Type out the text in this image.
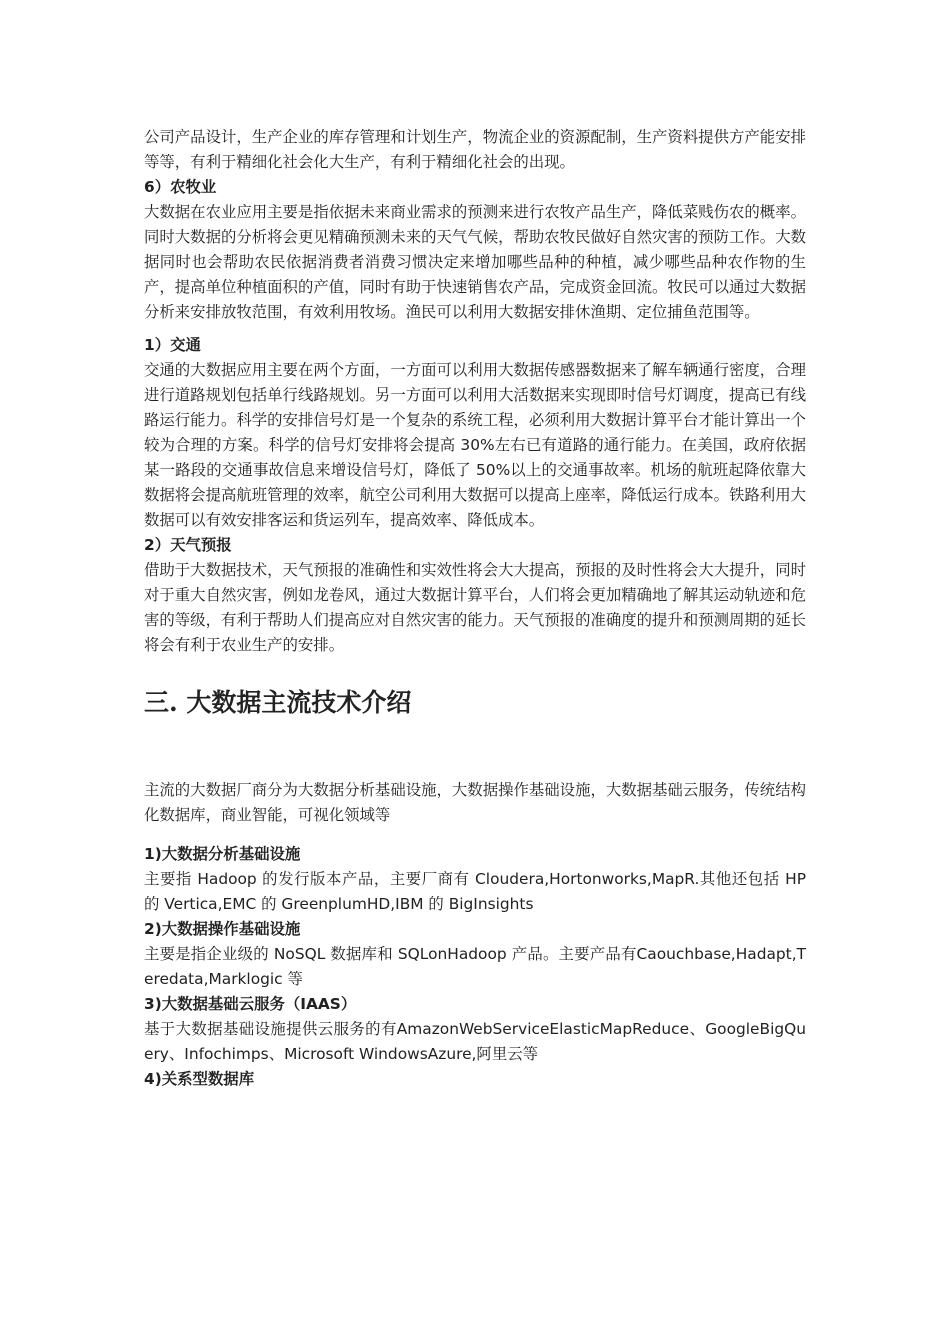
公司产品设计，生产企业的库存管理和计划生产，物流企业的资源配制，生产资料提供方产能安排等等，有利于精细化社会化大生产，有利于精细化社会的出现。

6）农牧业

大数据在农业应用主要是指依据未来商业需求的预测来进行农牧产品生产，降低菜贱伤农的概率。同时大数据的分析将会更见精确预测未来的天气气候，帮助农牧民做好自然灾害的预防工作。大数据同时也会帮助农民依据消费者消费习惯决定来增加哪些品种的种植，减少哪些品种农作物的生产，提高单位种植面积的产值，同时有助于快速销售农产品，完成资金回流。牧民可以通过大数据分析来安排放牧范围，有效利用牧场。渔民可以利用大数据安排休渔期、定位捕鱼范围等。

1）交通

交通的大数据应用主要在两个方面，一方面可以利用大数据传感器数据来了解车辆通行密度，合理进行道路规划包括单行线路规划。另一方面可以利用大活数据来实现即时信号灯调度，提高已有线路运行能力。科学的安排信号灯是一个复杂的系统工程，必须利用大数据计算平台才能计算出一个较为合理的方案。科学的信号灯安排将会提高 30%左右已有道路的通行能力。在美国，政府依据某一路段的交通事故信息来增设信号灯，降低了 50%以上的交通事故率。机场的航班起降依靠大数据将会提高航班管理的效率，航空公司利用大数据可以提高上座率，降低运行成本。铁路利用大数据可以有效安排客运和货运列车，提高效率、降低成本。

2）天气预报

借助于大数据技术，天气预报的准确性和实效性将会大大提高，预报的及时性将会大大提升，同时对于重大自然灾害，例如龙卷风，通过大数据计算平台，人们将会更加精确地了解其运动轨迹和危害的等级，有利于帮助人们提高应对自然灾害的能力。天气预报的准确度的提升和预测周期的延长将会有利于农业生产的安排。

三. 大数据主流技术介绍

主流的大数据厂商分为大数据分析基础设施，大数据操作基础设施，大数据基础云服务，传统结构化数据库，商业智能，可视化领域等

1)大数据分析基础设施

主要指 Hadoop 的发行版本产品，主要厂商有 Cloudera,Hortonworks,MapR.其他还包括 HP 的 Vertica,EMC 的 GreenplumHD,IBM 的 BigInsights

2)大数据操作基础设施

主要是指企业级的 NoSQL 数据库和 SQLonHadoop 产品。主要产品有Caouchbase,Hadapt,Teredata,Marklogic 等

3)大数据基础云服务（IAAS）

基于大数据基础设施提供云服务的有AmazonWebServiceElasticMapReduce、GoogleBigQuery、Infochimps、Microsoft WindowsAzure,阿里云等

4)关系型数据库
